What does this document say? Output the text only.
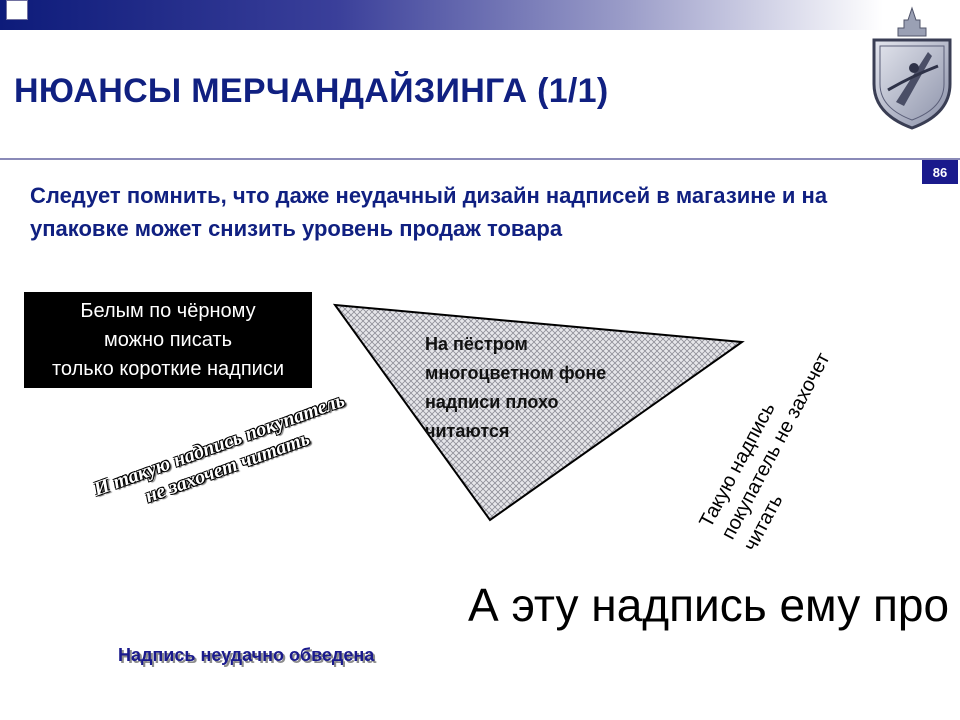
НЮАНСЫ МЕРЧАНДАЙЗИНГА (1/1)
86

Следует помнить, что даже неудачный дизайн надписей в магазине и на упаковке может снизить уровень продаж товара

Белым по чёрному
можно писать
только короткие надписи
На пёстром
многоцветном фоне
надписи плохо
читаются	Такую надпись
покупатель не захочет
читать
И такую надпись покупатель
не захочет читать
А эту надпись ему про
Надпись неудачно обведена
